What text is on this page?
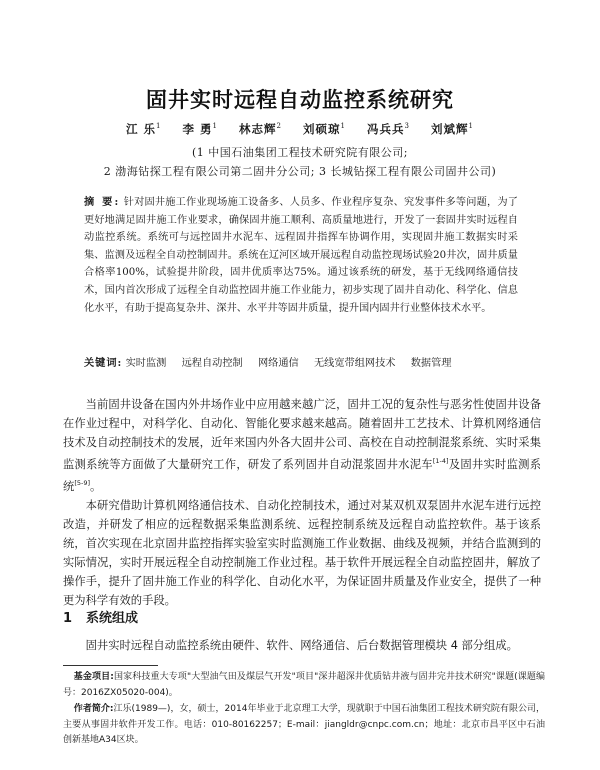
固井实时远程自动监控系统研究
江 乐$^1$ 李 勇$^1$ 林志辉$^2$ 刘硕琼$^1$ 冯兵兵$^3$ 刘斌辉$^1$
(1 中国石油集团工程技术研究院有限公司;
2 渤海钻探工程有限公司第二固井分公司; 3 长城钻探工程有限公司固井公司)
摘 要: 针对固井施工作业现场施工设备多、人员多、作业程序复杂、究发事件多等问题，为了更好地满足固井施工作业要求，确保固井施工顺利、高质量地进行，开发了一套固井实时远程自动监控系统。系统可与远控固井水泥车、远程固井指挥车协调作用，实现固井施工数据实时采集、监测及远程全自动控制固井。系统在辽河区域开展远程自动监控现场试验20井次，固井质量合格率100%，试验提井阶段，固井优质率达75%。通过该系统的研发，基于无线网络通信技术，国内首次形成了远程全自动监控固井施工作业能力，初步实现了固井自动化、科学化、信息化水平，有助于提高复杂井、深井、水平井等固井质量，提升国内固井行业整体技术水平。
关键词: 实时监测 远程自动控制 网络通信 无线宽带组网技术 数据管理

当前固井设备在国内外井场作业中应用越来越广泛，固井工况的复杂性与恶劣性使固井设备在作业过程中，对科学化、自动化、智能化要求越来越高。随着固井工艺技术、计算机网络通信技术及自动控制技术的发展，近年来国内外各大固井公司、高校在自动控制混浆系统、实时采集监测系统等方面做了大量研究工作，研发了系列固井自动混浆固井水泥车[1-4]及固井实时监测系统[5-9]。

本研究借助计算机网络通信技术、自动化控制技术，通过对某双机双泵固井水泥车进行远控改造，并研发了相应的远程数据采集监测系统、远程控制系统及远程自动监控软件。基于该系统，首次实现在北京固井监控指挥实验室实时监测施工作业数据、曲线及视频，并结合监测到的实际情况，实时开展远程全自动控制施工作业过程。基于软件开展远程全自动监控固井，解放了操作手，提升了固井施工作业的科学化、自动化水平，为保证固井质量及作业安全，提供了一种更为科学有效的手段。

1 系统组成

固井实时远程自动监控系统由硬件、软件、网络通信、后台数据管理模块 4 部分组成。

基金项目:国家科技重大专项"大型油气田及煤层气开发"项目"深井超深井优质钻井液与固井完井技术研究"课题(课题编号：2016ZX05020-004)。

作者简介:江乐(1989—)，女，硕士，2014年毕业于北京理工大学，现就职于中国石油集团工程技术研究院有限公司，主要从事固井软件开发工作。电话：010-80162257；E-mail：jiangldr@cnpc.com.cn；地址：北京市昌平区中石油创新基地A34区块。
